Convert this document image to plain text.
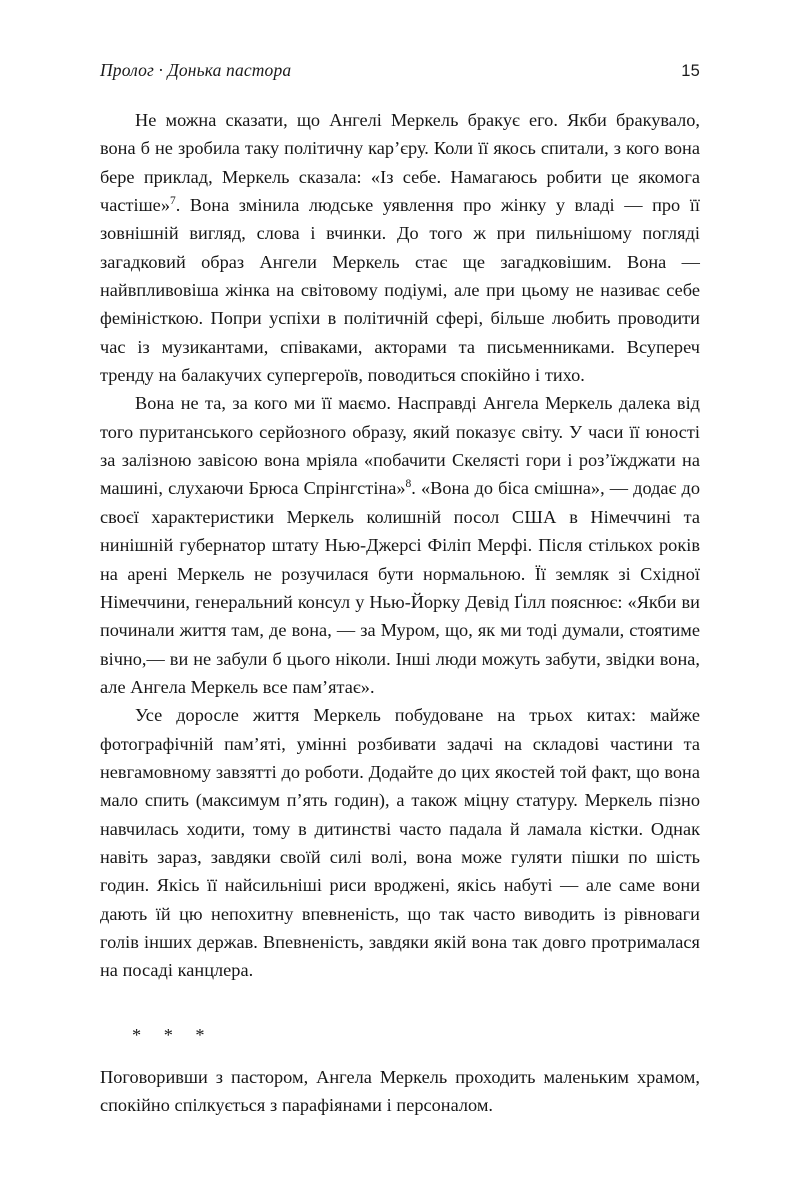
Пролог · Донька пастора	15

Не можна сказати, що Ангелі Меркель бракує его. Якби бракувало, вона б не зробила таку політичну кар’єру. Коли її якось спитали, з кого вона бере приклад, Меркель сказала: «Із себе. Намагаюсь робити це якомога частіше»$^7$. Вона змінила людське уявлення про жінку у владі — про її зовнішній вигляд, слова і вчинки. До того ж при пильнішому погляді загадковий образ Ангели Меркель стає ще загадковішим. Вона — найвпливовіша жінка на світовому подіумі, але при цьому не називає себе феміністкою. Попри успіхи в політичній сфері, більше любить проводити час із музикантами, співаками, акторами та письменниками. Всупереч тренду на балакучих супергероїв, поводиться спокійно і тихо.

Вона не та, за кого ми її маємо. Насправді Ангела Меркель далека від того пуританського серйозного образу, який показує світу. У часи її юності за залізною завісою вона мріяла «побачити Скелясті гори і роз’їжджати на машині, слухаючи Брюса Спрінгстіна»$^8$. «Вона до біса смішна», — додає до своєї характеристики Меркель колишній посол США в Німеччині та нинішній губернатор штату Нью-Джерсі Філіп Мерфі. Після стількох років на арені Меркель не розучилася бути нормальною. Її земляк зі Східної Німеччини, генеральний консул у Нью-Йорку Девід Ґілл пояснює: «Якби ви починали життя там, де вона, — за Муром, що, як ми тоді думали, стоятиме вічно,— ви не забули б цього ніколи. Інші люди можуть забути, звідки вона, але Ангела Меркель все пам’ятає».

Усе доросле життя Меркель побудоване на трьох китах: майже фотографічній пам’яті, умінні розбивати задачі на складові частини та невгамовному завзятті до роботи. Додайте до цих якостей той факт, що вона мало спить (максимум п’ять годин), а також міцну статуру. Меркель пізно навчилась ходити, тому в дитинстві часто падала й ламала кістки. Однак навіть зараз, завдяки своїй силі волі, вона може гуляти пішки по шість годин. Якісь її найсильніші риси вроджені, якісь набуті — але саме вони дають їй цю непохитну впевненість, що так часто виводить із рівноваги голів інших держав. Впевненість, завдяки якій вона так довго протрималася на посаді канцлера.

* * *

Поговоривши з пастором, Ангела Меркель проходить маленьким храмом, спокійно спілкується з парафіянами і персоналом.
